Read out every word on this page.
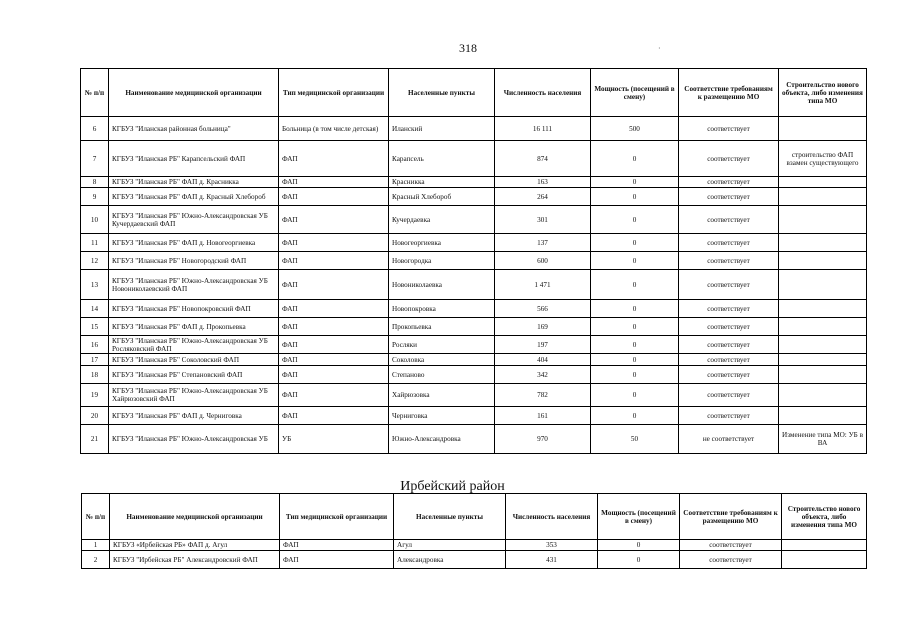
318	·
№ п/п	Наименование медицинской организации	Тип медицинской организации	Населенные пункты	Численность населения	Мощность (посещений в смену)	Соответствие требованиям к размещению МО	Строительство нового объекта, либо изменения типа МО
6	КГБУЗ "Иланская районная больница"	Больница (в том числе детская)	Иланский	16 111	500	соответствует	
7	КГБУЗ "Иланская РБ" Карапсельский ФАП	ФАП	Карапсель	874	0	соответствует	строительство ФАП взамен существующего
8	КГБУЗ "Иланская РБ" ФАП д. Красникка	ФАП	Красникка	163	0	соответствует	
9	КГБУЗ "Иланская РБ" ФАП д. Красный Хлебороб	ФАП	Красный Хлебороб	264	0	соответствует	
10	КГБУЗ "Иланская РБ" Южно-Александровская УБ Кучердаевский ФАП	ФАП	Кучердаевка	301	0	соответствует	
11	КГБУЗ "Иланская РБ" ФАП д. Новогеоргиевка	ФАП	Новогеоргиевка	137	0	соответствует	
12	КГБУЗ "Иланская РБ" Новогородский ФАП	ФАП	Новогородка	600	0	соответствует	
13	КГБУЗ "Иланская РБ" Южно-Александровская УБ Новониколаевский ФАП	ФАП	Новониколаевка	1 471	0	соответствует	
14	КГБУЗ "Иланская РБ" Новопокровский ФАП	ФАП	Новопокровка	566	0	соответствует	
15	КГБУЗ "Иланская РБ" ФАП д. Прокопьевка	ФАП	Прокопьевка	169	0	соответствует	
16	КГБУЗ "Иланская РБ" Южно-Александровская УБ Росляковский ФАП	ФАП	Росляки	197	0	соответствует	
17	КГБУЗ "Иланская РБ" Соколовский ФАП	ФАП	Соколовка	404	0	соответствует	
18	КГБУЗ "Иланская РБ" Степановский ФАП	ФАП	Степаново	342	0	соответствует	
19	КГБУЗ "Иланская РБ" Южно-Александровская УБ Хайрюзовский ФАП	ФАП	Хайрюзовка	782	0	соответствует	
20	КГБУЗ "Иланская РБ" ФАП д. Черниговка	ФАП	Черниговка	161	0	соответствует	
21	КГБУЗ "Иланская РБ" Южно-Александровская УБ	УБ	Южно-Александровка	970	50	не соответствует	Изменение типа МО: УБ в ВА
Ирбейский район
№ п/п	Наименование медицинской организации	Тип медицинской организации	Населенные пункты	Численность населения	Мощность (посещений в смену)	Соответствие требованиям к размещению МО	Строительство нового объекта, либо изменения типа МО
1	КГБУЗ «Ирбейская РБ» ФАП д. Агул	ФАП	Агул	353	0	соответствует	
2	КГБУЗ "Ирбейская РБ" Александровский ФАП	ФАП	Александровка	431	0	соответствует	
